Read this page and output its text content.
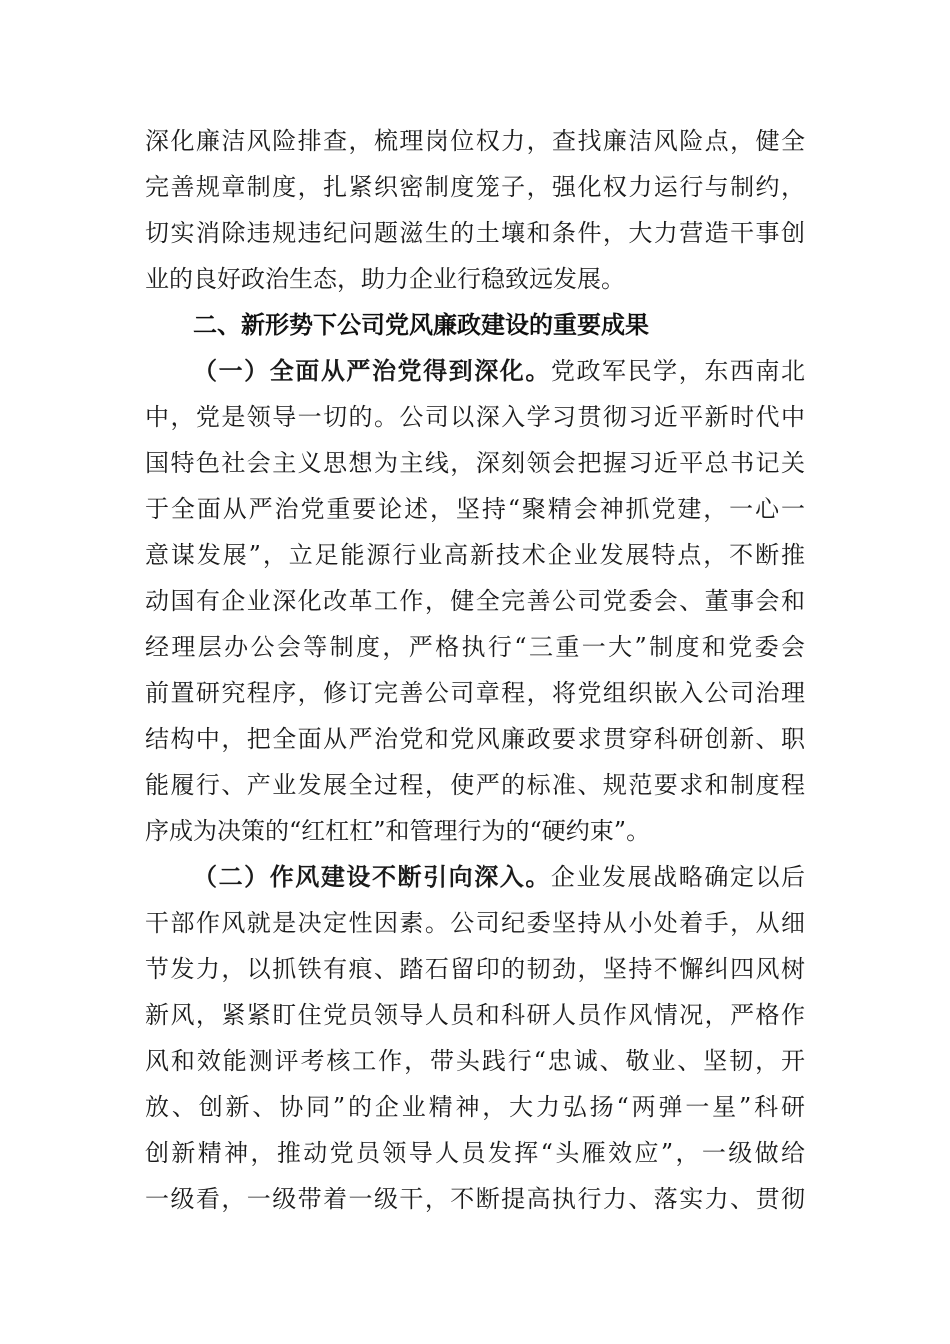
深化廉洁风险排查，梳理岗位权力，查找廉洁风险点，健全
完善规章制度，扎紧织密制度笼子，强化权力运行与制约，
切实消除违规违纪问题滋生的土壤和条件，大力营造干事创
业的良好政治生态，助力企业行稳致远发展。
二、新形势下公司党风廉政建设的重要成果
（一）全面从严治党得到深化。党政军民学，东西南北
中，党是领导一切的。公司以深入学习贯彻习近平新时代中
国特色社会主义思想为主线，深刻领会把握习近平总书记关
于全面从严治党重要论述，坚持“聚精会神抓党建，一心一
意谋发展”，立足能源行业高新技术企业发展特点，不断推
动国有企业深化改革工作，健全完善公司党委会、董事会和
经理层办公会等制度，严格执行“三重一大”制度和党委会
前置研究程序，修订完善公司章程，将党组织嵌入公司治理
结构中，把全面从严治党和党风廉政要求贯穿科研创新、职
能履行、产业发展全过程，使严的标准、规范要求和制度程
序成为决策的“红杠杠”和管理行为的“硬约束”。
（二）作风建设不断引向深入。企业发展战略确定以后
干部作风就是决定性因素。公司纪委坚持从小处着手，从细
节发力，以抓铁有痕、踏石留印的韧劲，坚持不懈纠四风树
新风，紧紧盯住党员领导人员和科研人员作风情况，严格作
风和效能测评考核工作，带头践行“忠诚、敬业、坚韧，开
放、创新、协同”的企业精神，大力弘扬“两弹一星”科研
创新精神，推动党员领导人员发挥“头雁效应”，一级做给
一级看，一级带着一级干，不断提高执行力、落实力、贯彻
